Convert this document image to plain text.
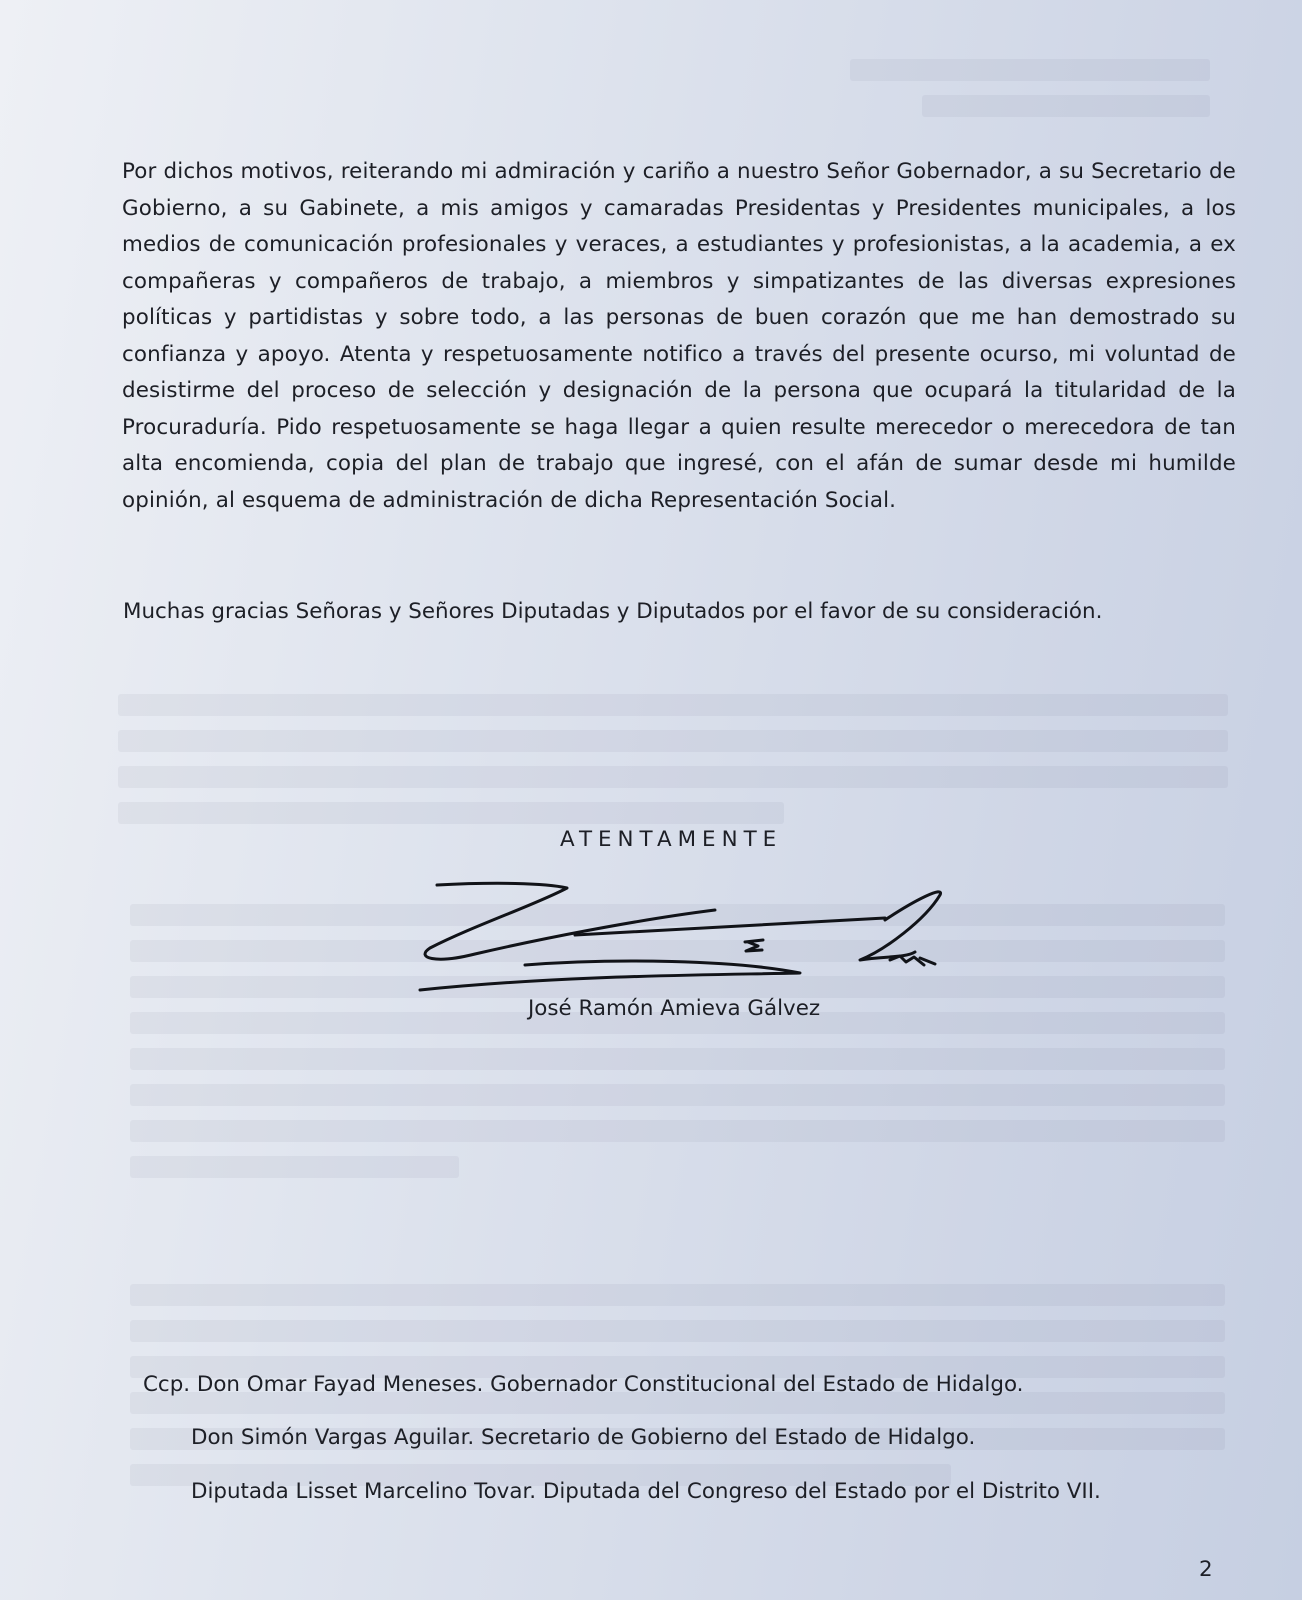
Por dichos motivos, reiterando mi admiración y cariño a nuestro Señor Gobernador, a su Secretario de Gobierno, a su Gabinete, a mis amigos y camaradas Presidentas y Presidentes municipales, a los medios de comunicación profesionales y veraces, a estudiantes y profesionistas, a la academia, a ex compañeras y compañeros de trabajo, a miembros y simpatizantes de las diversas expresiones políticas y partidistas y sobre todo, a las personas de buen corazón que me han demostrado su confianza y apoyo. Atenta y respetuosamente notifico a través del presente ocurso, mi voluntad de desistirme del proceso de selección y designación de la persona que ocupará la titularidad de la Procuraduría. Pido respetuosamente se haga llegar a quien resulte merecedor o merecedora de tan alta encomienda, copia del plan de trabajo que ingresé, con el afán de sumar desde mi humilde opinión, al esquema de administración de dicha Representación Social.

Muchas gracias Señoras y Señores Diputadas y Diputados por el favor de su consideración.

ATENTAMENTE

José Ramón Amieva Gálvez

Ccp. Don Omar Fayad Meneses. Gobernador Constitucional del Estado de Hidalgo.

Don Simón Vargas Aguilar. Secretario de Gobierno del Estado de Hidalgo.

Diputada Lisset Marcelino Tovar. Diputada del Congreso del Estado por el Distrito VII.

2
